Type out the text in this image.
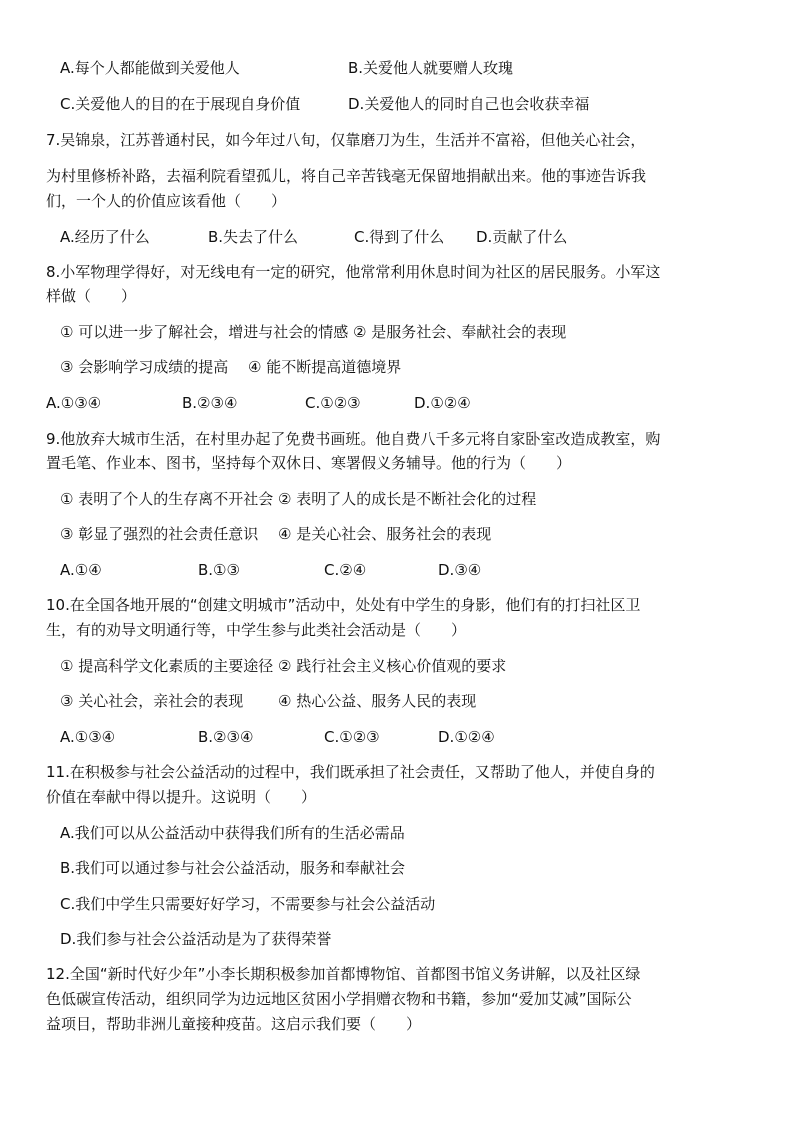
A.每个人都能做到关爱他人	B.关爱他人就要赠人玫瑰
C.关爱他人的目的在于展现自身价值	D.关爱他人的同时自己也会收获幸福
7.吴锦泉，江苏普通村民，如今年过八旬，仅靠磨刀为生，生活并不富裕，但他关心社会，
为村里修桥补路，去福利院看望孤儿，将自己辛苦钱毫无保留地捐献出来。他的事迹告诉我
们，一个人的价值应该看他（　　）
A.经历了什么	B.失去了什么	C.得到了什么 D.贡献了什么
8.小军物理学得好，对无线电有一定的研究，他常常利用休息时间为社区的居民服务。小军这
样做（　　）
① 可以进一步了解社会，增进与社会的情感 ② 是服务社会、奉献社会的表现
③ 会影响学习成绩的提高　 ④ 能不断提高道德境界
A.①③④	B.②③④	C.①②③	D.①②④
9.他放弃大城市生活，在村里办起了免费书画班。他自费八千多元将自家卧室改造成教室，购
置毛笔、作业本、图书，坚持每个双休日、寒署假义务辅导。他的行为（　　）
① 表明了个人的生存离不开社会 ② 表明了人的成长是不断社会化的过程
③ 彰显了强烈的社会责任意识　 ④ 是关心社会、服务社会的表现
A.①④	B.①③	C.②④	D.③④
10.在全国各地开展的“创建文明城市”活动中，处处有中学生的身影，他们有的打扫社区卫
生，有的劝导文明通行等，中学生参与此类社会活动是（　　）
① 提高科学文化素质的主要途径 ② 践行社会主义核心价值观的要求
③ 关心社会，亲社会的表现　　 ④ 热心公益、服务人民的表现
A.①③④	B.②③④	C.①②③	D.①②④
11.在积极参与社会公益活动的过程中，我们既承担了社会责任，又帮助了他人，并使自身的
价值在奉献中得以提升。这说明（　　）
A.我们可以从公益活动中获得我们所有的生活必需品
B.我们可以通过参与社会公益活动，服务和奉献社会
C.我们中学生只需要好好学习，不需要参与社会公益活动
D.我们参与社会公益活动是为了获得荣誉
12.全国“新时代好少年”小李长期积极参加首都博物馆、首都图书馆义务讲解，以及社区绿
色低碳宣传活动，组织同学为边远地区贫困小学捐赠衣物和书籍，参加“爱加艾减”国际公
益项目，帮助非洲儿童接种疫苗。这启示我们要（　　）
